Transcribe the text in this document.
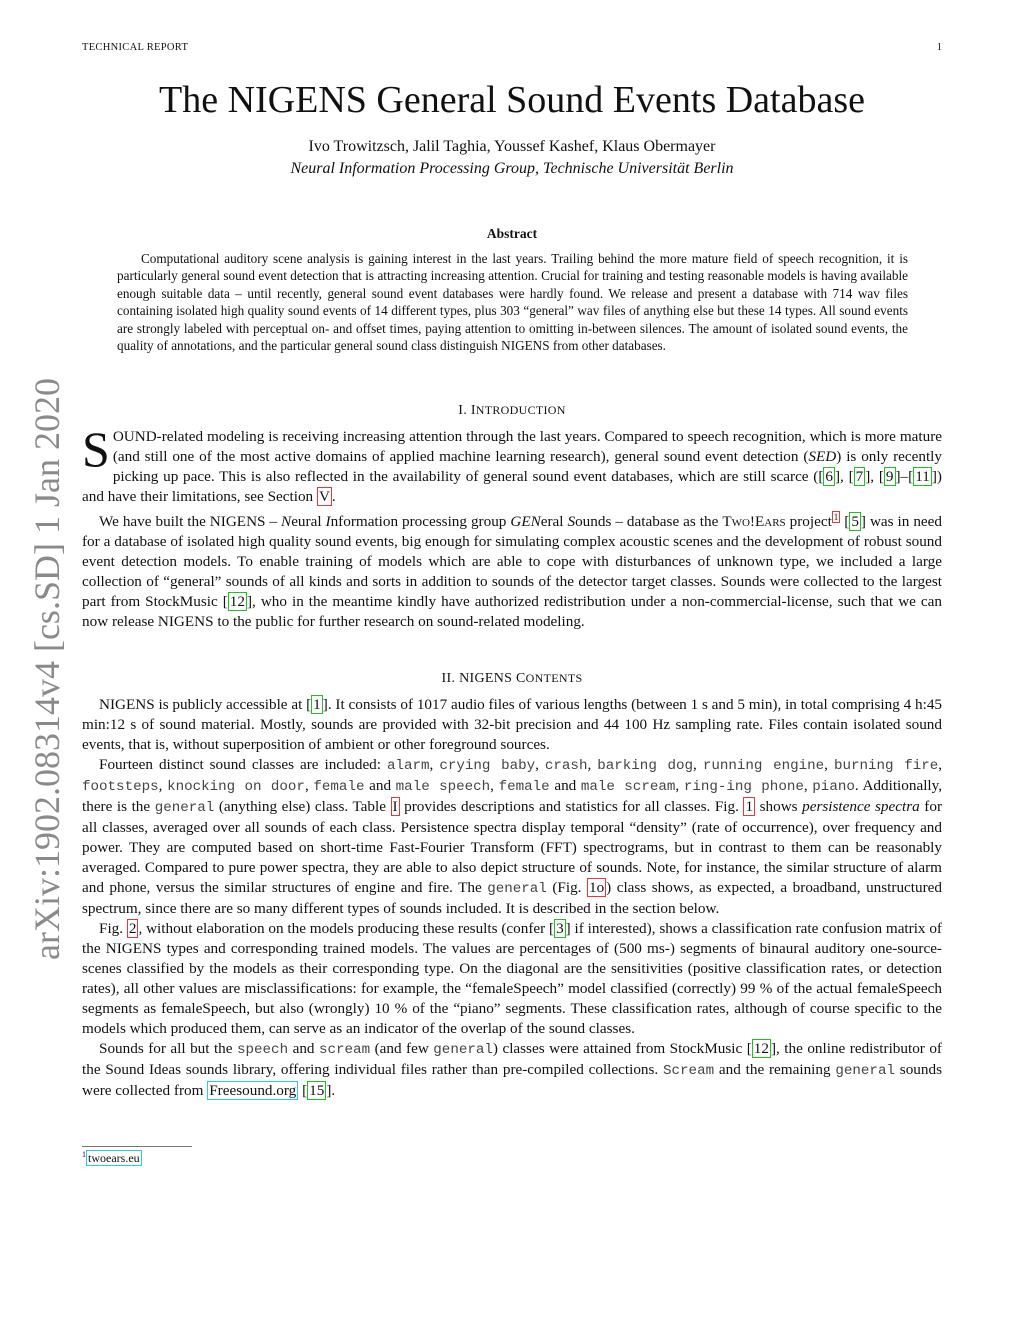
TECHNICAL REPORT	1
arXiv:1902.08314v4 [cs.SD] 1 Jan 2020
The NIGENS General Sound Events Database
Ivo Trowitzsch, Jalil Taghia, Youssef Kashef, Klaus Obermayer
Neural Information Processing Group, Technische Universität Berlin
Abstract

Computational auditory scene analysis is gaining interest in the last years. Trailing behind the more mature field of speech recognition, it is particularly general sound event detection that is attracting increasing attention. Crucial for training and testing reasonable models is having available enough suitable data – until recently, general sound event databases were hardly found. We release and present a database with 714 wav files containing isolated high quality sound events of 14 different types, plus 303 “general” wav files of anything else but these 14 types. All sound events are strongly labeled with perceptual on- and offset times, paying attention to omitting in-between silences. The amount of isolated sound events, the quality of annotations, and the particular general sound class distinguish NIGENS from other databases.

I. INTRODUCTION

SOUND-related modeling is receiving increasing attention through the last years. Compared to speech recognition, which is more mature (and still one of the most active domains of applied machine learning research), general sound event detection (SED) is only recently picking up pace. This is also reflected in the availability of general sound event databases, which are still scarce ([ 6 ], [ 7 ], [ 9 ]–[ 11 ]) and have their limitations, see Section V .

We have built the NIGENS – Neural Information processing group GENeral Sounds – database as the Two!Ears project $^1$ [ 5 ] was in need for a database of isolated high quality sound events, big enough for simulating complex acoustic scenes and the development of robust sound event detection models. To enable training of models which are able to cope with disturbances of unknown type, we included a large collection of “general” sounds of all kinds and sorts in addition to sounds of the detector target classes. Sounds were collected to the largest part from StockMusic [ 12 ], who in the meantime kindly have authorized redistribution under a non-commercial-license, such that we can now release NIGENS to the public for further research on sound-related modeling.

II. NIGENS CONTENTS

NIGENS is publicly accessible at [ 1 ]. It consists of 1017 audio files of various lengths (between 1 s and 5 min), in total comprising 4 h:45 min:12 s of sound material. Mostly, sounds are provided with 32-bit precision and 44 100 Hz sampling rate. Files contain isolated sound events, that is, without superposition of ambient or other foreground sources.

Fourteen distinct sound classes are included: alarm, crying baby, crash, barking dog, running engine, burning fire, footsteps, knocking on door, female and male speech, female and male scream, ring-ing phone, piano. Additionally, there is the general (anything else) class. Table I provides descriptions and statistics for all classes. Fig. 1 shows persistence spectra for all classes, averaged over all sounds of each class. Persistence spectra display temporal “density” (rate of occurrence), over frequency and power. They are computed based on short-time Fast-Fourier Transform (FFT) spectrograms, but in contrast to them can be reasonably averaged. Compared to pure power spectra, they are able to also depict structure of sounds. Note, for instance, the similar structure of alarm and phone, versus the similar structures of engine and fire. The general (Fig. 1o ) class shows, as expected, a broadband, unstructured spectrum, since there are so many different types of sounds included. It is described in the section below.

Fig. 2 , without elaboration on the models producing these results (confer [ 3 ] if interested), shows a classification rate confusion matrix of the NIGENS types and corresponding trained models. The values are percentages of (500 ms-) segments of binaural auditory one-source-scenes classified by the models as their corresponding type. On the diagonal are the sensitivities (positive classification rates, or detection rates), all other values are misclassifications: for example, the “femaleSpeech” model classified (correctly) 99 % of the actual femaleSpeech segments as femaleSpeech, but also (wrongly) 10 % of the “piano” segments. These classification rates, although of course specific to the models which produced them, can serve as an indicator of the overlap of the sound classes.

Sounds for all but the speech and scream (and few general) classes were attained from StockMusic [ 12 ], the online redistributor of the Sound Ideas sounds library, offering individual files rather than pre-compiled collections. Scream and the remaining general sounds were collected from Freesound.org [ 15 ].

$^1$ twoears.eu
